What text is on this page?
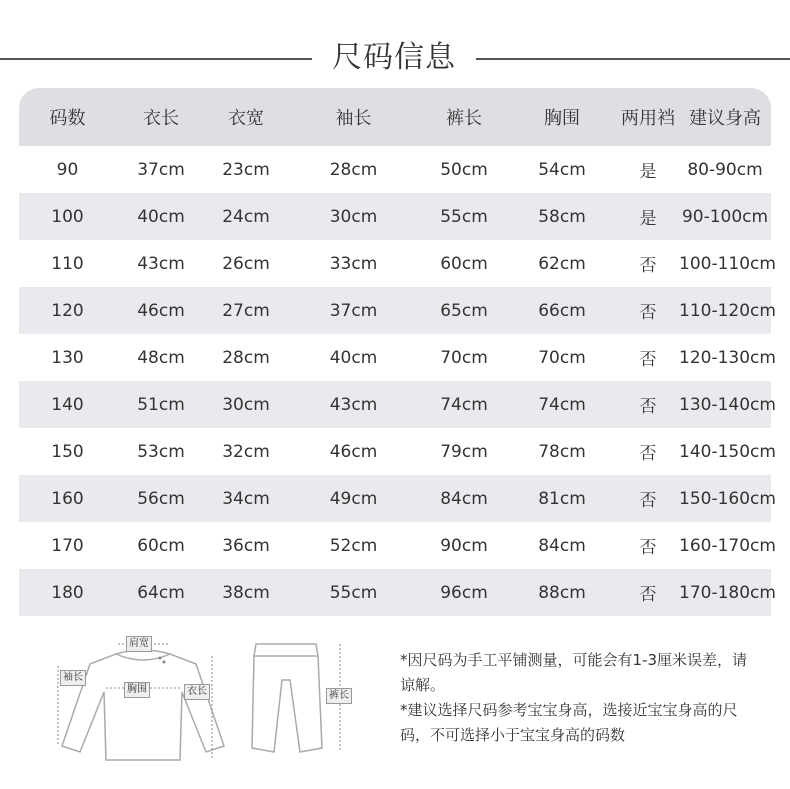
尺码信息
码数	衣长	衣宽	袖长	裤长	胸围	两用裆 建议身高
90	37cm	23cm	28cm	50cm	54cm	是	80-90cm
100	40cm	24cm	30cm	55cm	58cm	是	90-100cm
110	43cm	26cm	33cm	60cm	62cm	否	100-110cm
120	46cm	27cm	37cm	65cm	66cm	否	110-120cm
130	48cm	28cm	40cm	70cm	70cm	否	120-130cm
140	51cm	30cm	43cm	74cm	74cm	否	130-140cm
150	53cm	32cm	46cm	79cm	78cm	否	140-150cm
160	56cm	34cm	49cm	84cm	81cm	否	150-160cm
170	60cm	36cm	52cm	90cm	84cm	否	160-170cm
180	64cm	38cm	55cm	96cm	88cm	否	170-180cm
肩宽
袖长
胸围	衣长	裤长

*因尺码为手工平铺测量，可能会有1-3厘米误差，请谅解。

*建议选择尺码参考宝宝身高，选接近宝宝身高的尺码，不可选择小于宝宝身高的码数
